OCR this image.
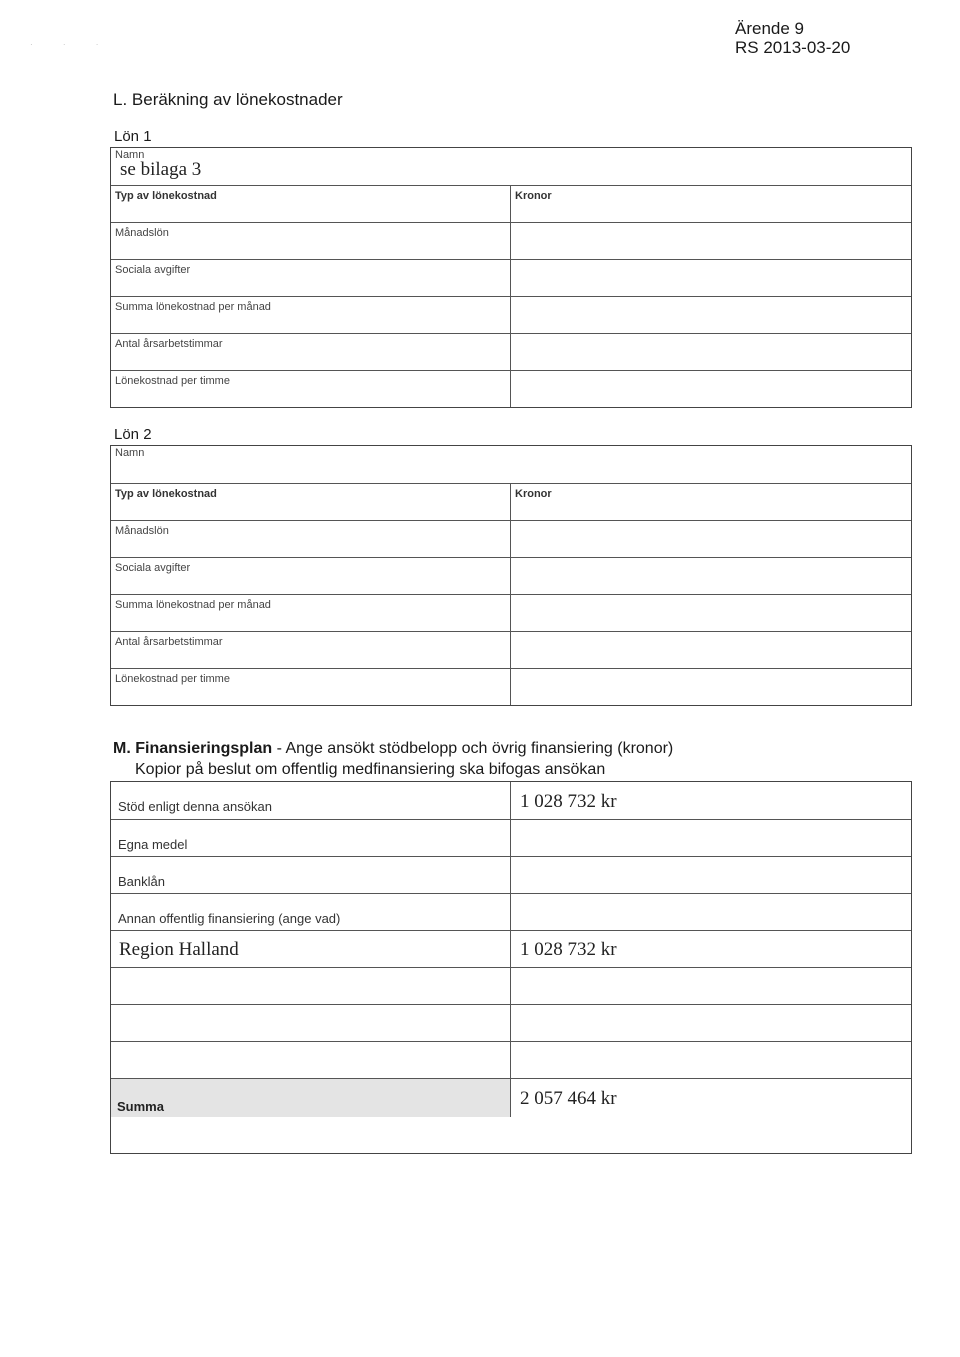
· · ·
Ärende 9
RS 2013-03-20
L. Beräkning av lönekostnader
Lön 1
Namn
se bilaga 3
Typ av lönekostnad	Kronor
Månadslön
Sociala avgifter
Summa lönekostnad per månad
Antal årsarbetstimmar
Lönekostnad per timme
Lön 2
Namn
Typ av lönekostnad	Kronor
Månadslön
Sociala avgifter
Summa lönekostnad per månad
Antal årsarbetstimmar
Lönekostnad per timme
M. Finansieringsplan - Ange ansökt stödbelopp och övrig finansiering (kronor)
Kopior på beslut om offentlig medfinansiering ska bifogas ansökan
Stöd enligt denna ansökan	1 028 732 kr
Egna medel
Banklån
Annan offentlig finansiering (ange vad)
Region Halland	1 028 732 kr
Summa	2 057 464 kr
